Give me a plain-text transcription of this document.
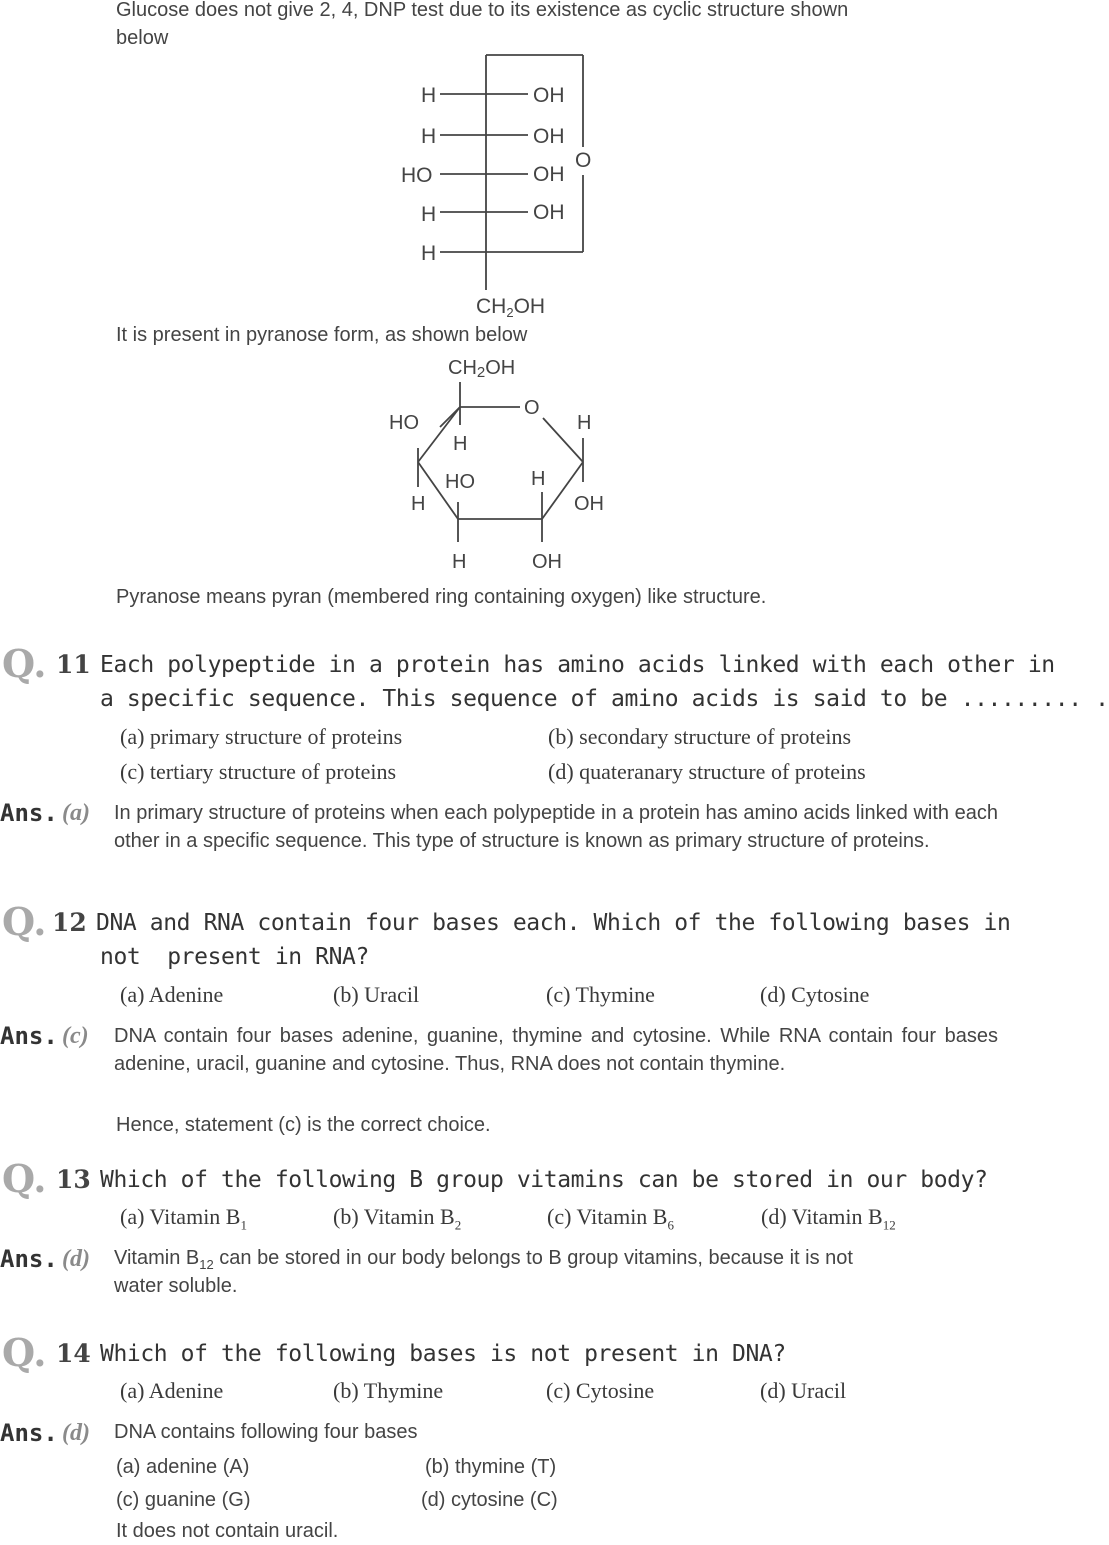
Glucose does not give 2, 4, DNP test due to its existence as cyclic structure shown
below
H	OH
H	OH
HO	OH
H	OH
H
O
CH2OH
It is present in pyranose form, as shown below
CH2OH
O
HO
H
H
HO	H
H	OH
H	OH
Pyranose means pyran (membered ring containing oxygen) like structure.
Q. 11 Each polypeptide in a protein has amino acids linked with each other in
a specific sequence. This sequence of amino acids is said to be ......... .
(a) primary structure of proteins	(b) secondary structure of proteins
(c) tertiary structure of proteins	(d) quateranary structure of proteins
Ans. (a) In primary structure of proteins when each polypeptide in a protein has amino acids linked with each other in a specific sequence. This type of structure is known as primary structure of proteins.
Q. 12 DNA and RNA contain four bases each. Which of the following bases in
not  present in RNA?
(a) Adenine	(b) Uracil	(c) Thymine	(d) Cytosine
Ans. (c) DNA contain four bases adenine, guanine, thymine and cytosine. While RNA contain four bases adenine, uracil, guanine and cytosine. Thus, RNA does not contain thymine.
Hence, statement (c) is the correct choice.
Q. 13 Which of the following B group vitamins can be stored in our body?
(a) Vitamin $B_1$	(b) Vitamin $B_2$	(c) Vitamin $B_6$	(d) Vitamin $B_{12}$
Ans. (d) Vitamin $B_{12}$ can be stored in our body belongs to B group vitamins, because it is not
water soluble.
Q. 14 Which of the following bases is not present in DNA?
(a) Adenine	(b) Thymine	(c) Cytosine	(d) Uracil
Ans. (d) DNA contains following four bases
(a) adenine (A)	(b) thymine (T)
(c) guanine (G)	(d) cytosine (C)
It does not contain uracil.
